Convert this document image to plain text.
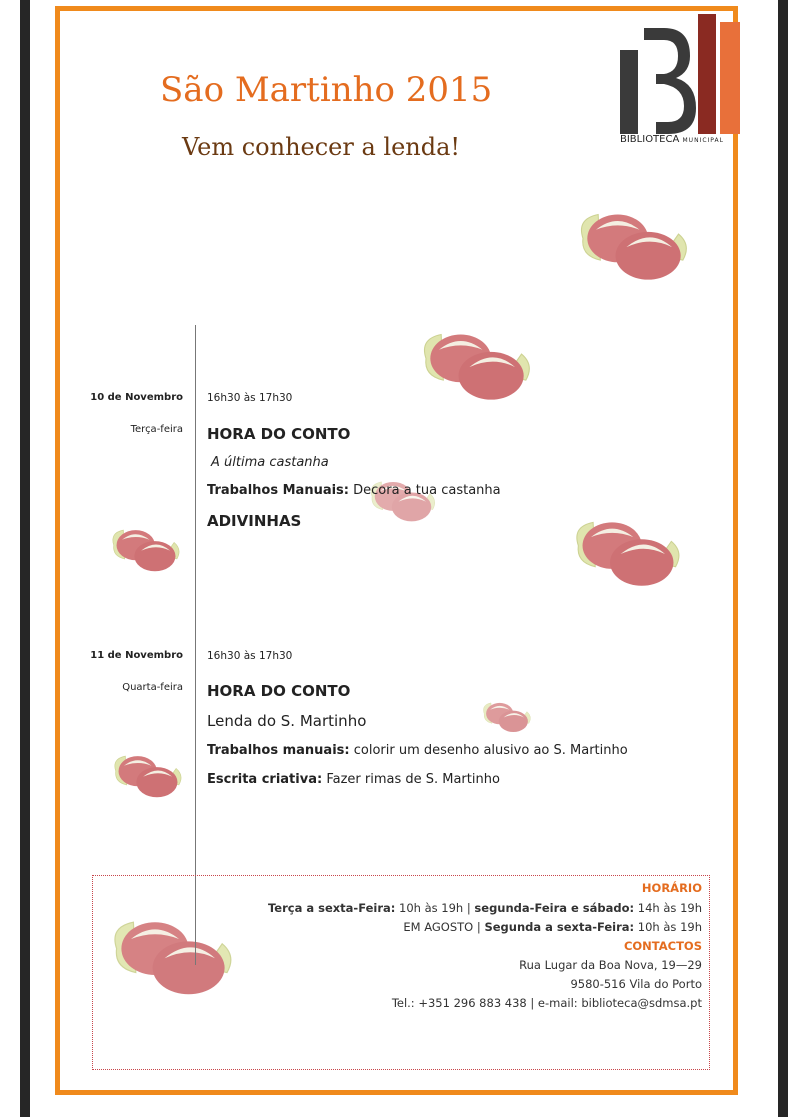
São Martinho 2015
Vem conhecer a lenda!	BIBLIOTECA MUNICIPAL
10 de Novembro
Terça-feira
16h30 às 17h30
HORA DO CONTO
A última castanha
Trabalhos Manuais: Decora a tua castanha
ADIVINHAS
11 de Novembro
Quarta-feira
16h30 às 17h30
HORA DO CONTO
Lenda do S. Martinho
Trabalhos manuais: colorir um desenho alusivo ao S. Martinho
Escrita criativa: Fazer rimas de S. Martinho
HORÁRIO
Terça a sexta-Feira: 10h às 19h | segunda-Feira e sábado: 14h às 19h
EM AGOSTO | Segunda a sexta-Feira: 10h às 19h
CONTACTOS
Rua Lugar da Boa Nova, 19—29
9580-516 Vila do Porto
Tel.: +351 296 883 438 | e-mail: biblioteca@sdmsa.pt
